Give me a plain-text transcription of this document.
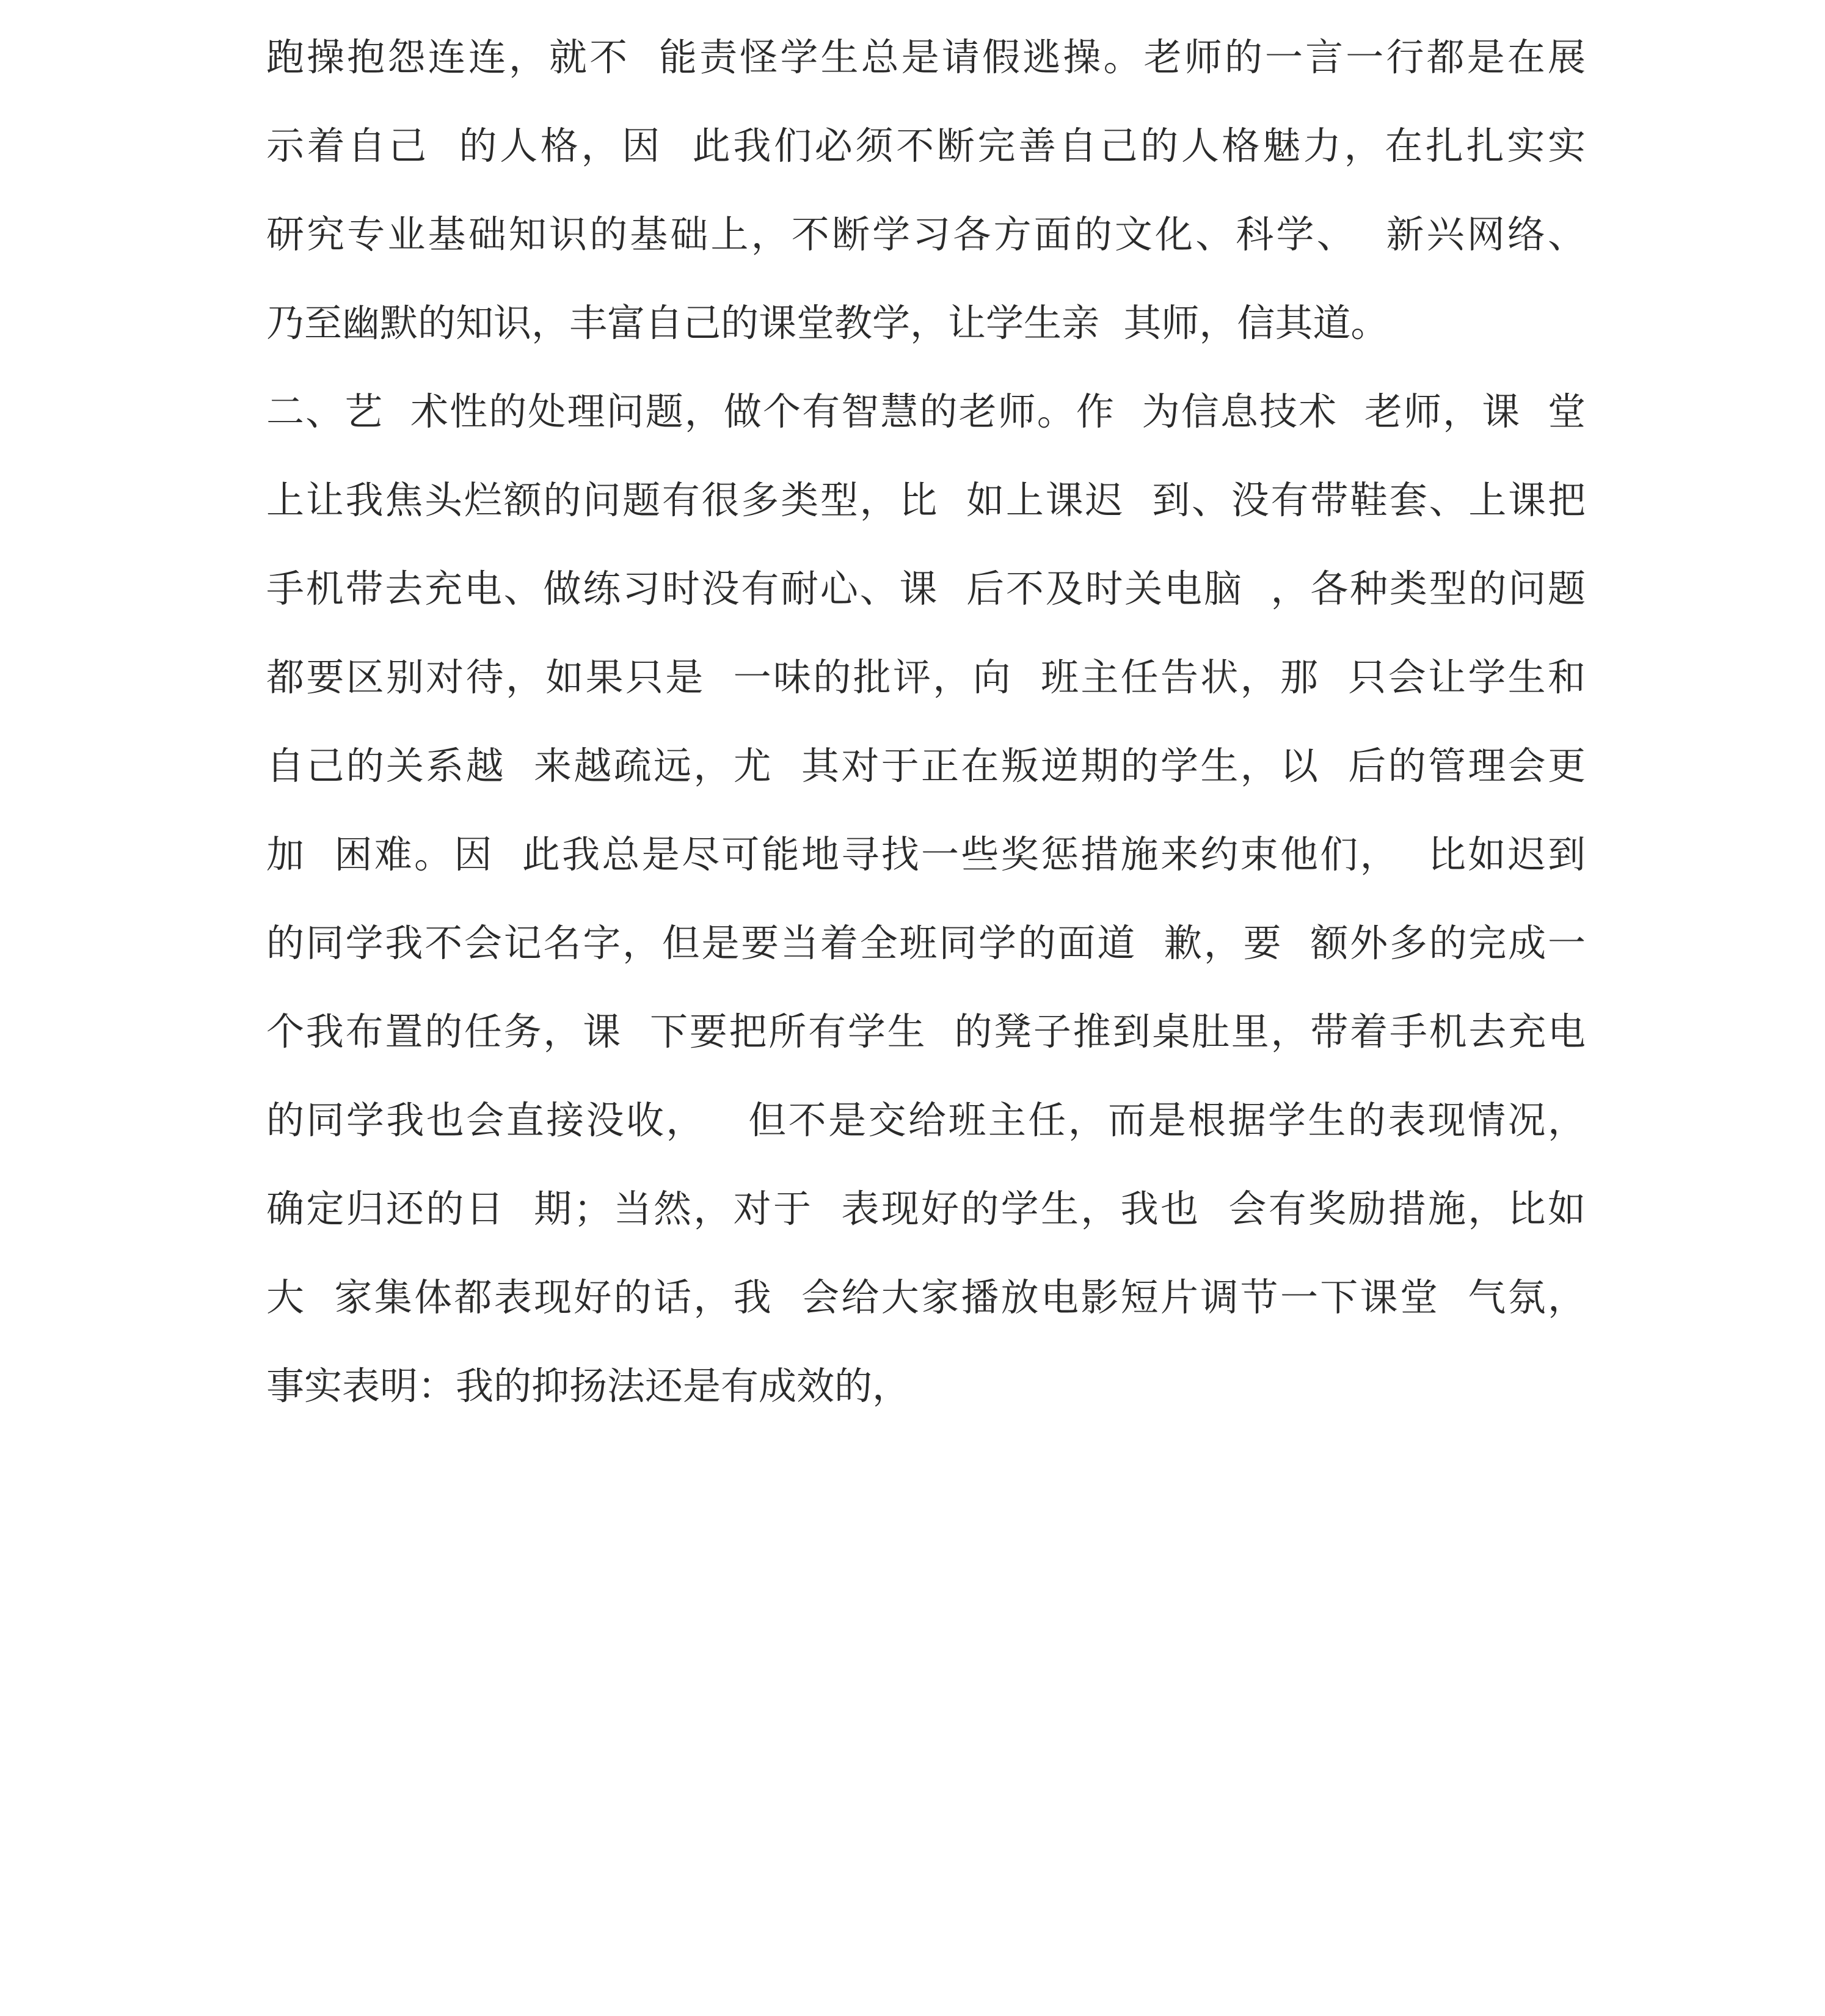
跑操抱怨连连，就不  能责怪学生总是请假逃操。老师的一言一行都是在展
示着自己  的人格，因  此我们必须不断完善自己的人格魅力，在扎扎实实
研究专业基础知识的基础上，不断学习各方面的文化、科学、  新兴网络、
乃至幽默的知识，丰富自己的课堂教学，让学生亲  其师，信其道。
二、艺  术性的处理问题，做个有智慧的老师。作  为信息技术  老师，课  堂
上让我焦头烂额的问题有很多类型，比  如上课迟  到、没有带鞋套、上课把
手机带去充电、做练习时没有耐心、课  后不及时关电脑  ，各种类型的问题
都要区别对待，如果只是  一味的批评，向  班主任告状，那  只会让学生和
自己的关系越  来越疏远，尤  其对于正在叛逆期的学生，以  后的管理会更
加  困难。因  此我总是尽可能地寻找一些奖惩措施来约束他们，  比如迟到
的同学我不会记名字，但是要当着全班同学的面道  歉，要  额外多的完成一
个我布置的任务，课  下要把所有学生  的凳子推到桌肚里，带着手机去充电
的同学我也会直接没收，   但不是交给班主任，而是根据学生的表现情况，
确定归还的日  期；当然，对于  表现好的学生，我也  会有奖励措施，比如
大  家集体都表现好的话，我  会给大家播放电影短片调节一下课堂  气氛，
事实表明：我的抑扬法还是有成效的，
